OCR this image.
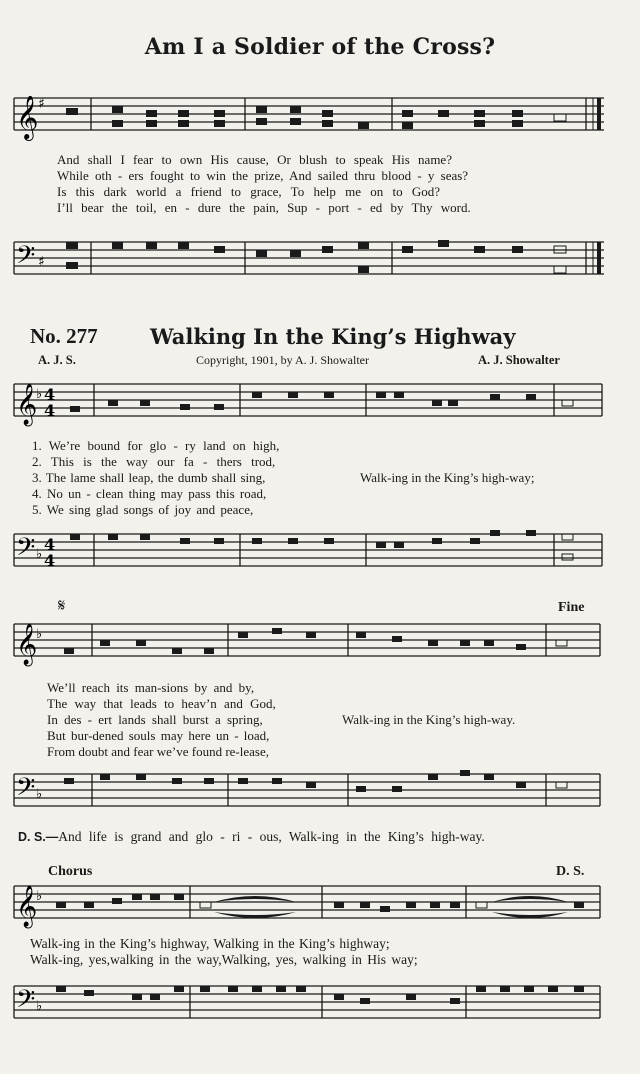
Am I a Soldier of the Cross?
𝄞 ♯
And shall I fear to own His cause, Or blush to speak His name?
While oth - ers fought to win the prize, And sailed thru blood - y seas?
Is this dark world a friend to grace, To help me on to God?
I’ll bear the toil, en - dure the pain, Sup - port - ed by Thy word.
𝄢 ♯
No. 277 Walking In the King’s Highway
A. J. S.	Copyright, 1901, by A. J. Showalter	A. J. Showalter
𝄞
♭ 4
4
1. We’re bound for glo - ry land on high,
2. This is the way our fa - thers trod,
3. The lame shall leap, the dumb shall sing,
4. No un - clean thing may pass this road,
5. We sing glad songs of joy and peace,
Walk-ing in the King’s high-way;
𝄢 ♭
4
4
𝄋	Fine
𝄞
♭
We’ll reach its man-sions by and by,
The way that leads to heav’n and God,
In des - ert lands shall burst a spring,
But bur-dened souls may here un - load,
From doubt and fear we’ve found re-lease,
Walk-ing in the King’s high-way.
𝄢 ♭
D. S.—And life is grand and glo - ri - ous, Walk-ing in the King’s high-way.
Chorus	D. S.
𝄞
♭
Walk-ing in the King’s highway, Walking in the King’s highway;
Walk-ing, yes,walking in the way,Walking, yes, walking in His way;
𝄢 ♭
